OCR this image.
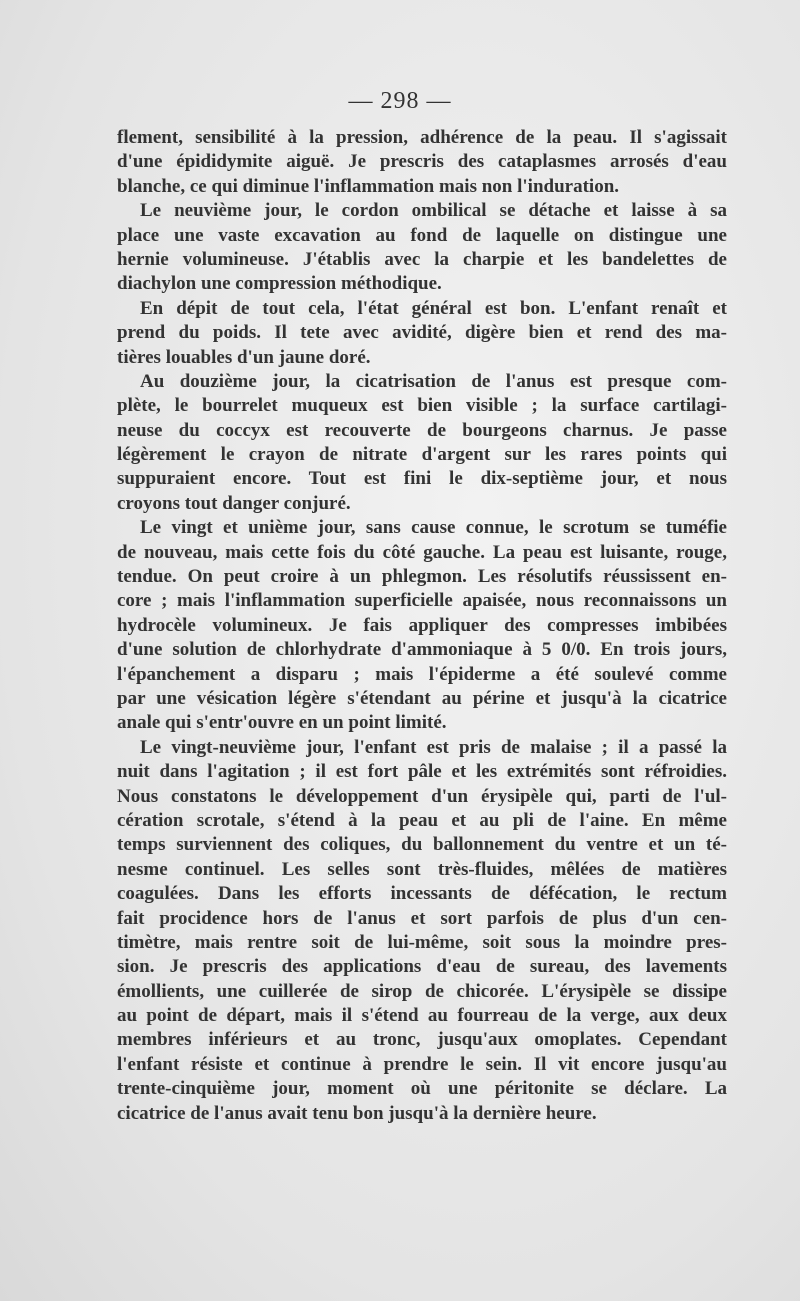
— 298 —
flement, sensibilité à la pression, adhérence de la peau. Il s'agissait
d'une épididymite aiguë. Je prescris des cataplasmes arrosés d'eau
blanche, ce qui diminue l'inflammation mais non l'induration.
Le neuvième jour, le cordon ombilical se détache et laisse à sa
place une vaste excavation au fond de laquelle on distingue une
hernie volumineuse. J'établis avec la charpie et les bandelettes de
diachylon une compression méthodique.
En dépit de tout cela, l'état général est bon. L'enfant renaît et
prend du poids. Il tete avec avidité, digère bien et rend des ma-
tières louables d'un jaune doré.
Au douzième jour, la cicatrisation de l'anus est presque com-
plète, le bourrelet muqueux est bien visible ; la surface cartilagi-
neuse du coccyx est recouverte de bourgeons charnus. Je passe
légèrement le crayon de nitrate d'argent sur les rares points qui
suppuraient encore. Tout est fini le dix-septième jour, et nous
croyons tout danger conjuré.
Le vingt et unième jour, sans cause connue, le scrotum se tuméfie
de nouveau, mais cette fois du côté gauche. La peau est luisante, rouge,
tendue. On peut croire à un phlegmon. Les résolutifs réussissent en-
core ; mais l'inflammation superficielle apaisée, nous reconnaissons un
hydrocèle volumineux. Je fais appliquer des compresses imbibées
d'une solution de chlorhydrate d'ammoniaque à 5 0/0. En trois jours,
l'épanchement a disparu ; mais l'épiderme a été soulevé comme
par une vésication légère s'étendant au périne et jusqu'à la cicatrice
anale qui s'entr'ouvre en un point limité.
Le vingt-neuvième jour, l'enfant est pris de malaise ; il a passé la
nuit dans l'agitation ; il est fort pâle et les extrémités sont réfroidies.
Nous constatons le développement d'un érysipèle qui, parti de l'ul-
cération scrotale, s'étend à la peau et au pli de l'aine. En même
temps surviennent des coliques, du ballonnement du ventre et un té-
nesme continuel. Les selles sont très-fluides, mêlées de matières
coagulées. Dans les efforts incessants de défécation, le rectum
fait procidence hors de l'anus et sort parfois de plus d'un cen-
timètre, mais rentre soit de lui-même, soit sous la moindre pres-
sion. Je prescris des applications d'eau de sureau, des lavements
émollients, une cuillerée de sirop de chicorée. L'érysipèle se dissipe
au point de départ, mais il s'étend au fourreau de la verge, aux deux
membres inférieurs et au tronc, jusqu'aux omoplates. Cependant
l'enfant résiste et continue à prendre le sein. Il vit encore jusqu'au
trente-cinquième jour, moment où une péritonite se déclare. La
cicatrice de l'anus avait tenu bon jusqu'à la dernière heure.
